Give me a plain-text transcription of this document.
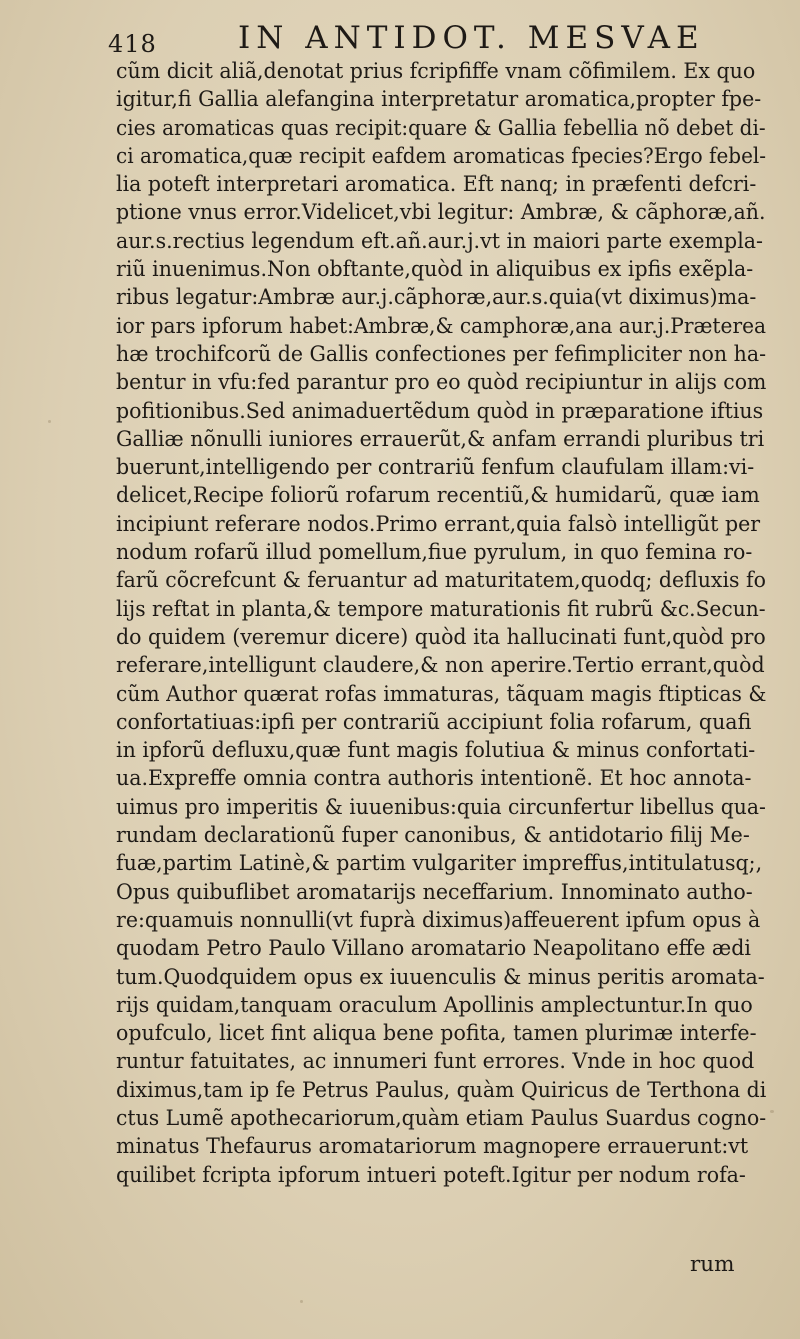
418	IN ANTIDOT. MESVAE
cũm dicit aliã,denotat prius fcripfiffe vnam cõfimilem. Ex quo
igitur,fi Gallia alefangina interpretatur aromatica,propter fpe-
cies aromaticas quas recipit:quare & Gallia febellia nõ debet di-
ci aromatica,quæ recipit eafdem aromaticas fpecies?Ergo febel-
lia poteft interpretari aromatica. Eft nanq; in præfenti defcri-
ptione vnus error.Videlicet,vbi legitur: Ambræ, & cãphoræ,añ.
aur.s.rectius legendum eft.añ.aur.j.vt in maiori parte exempla-
riũ inuenimus.Non obftante,quòd in aliquibus ex ipfis exẽpla-
ribus legatur:Ambræ aur.j.cãphoræ,aur.s.quia(vt diximus)ma-
ior pars ipforum habet:Ambræ,& camphoræ,ana aur.j.Præterea
hæ trochifcorũ de Gallis confectiones per fefimpliciter non ha-
bentur in vfu:fed parantur pro eo quòd recipiuntur in alijs com
pofitionibus.Sed animaduertẽdum quòd in præparatione iftius
Galliæ nõnulli iuniores errauerũt,& anfam errandi pluribus tri
buerunt,intelligendo per contrariũ fenfum claufulam illam:vi-
delicet,Recipe foliorũ rofarum recentiũ,& humidarũ, quæ iam
incipiunt referare nodos.Primo errant,quia falsò intelligũt per
nodum rofarũ illud pomellum,fiue pyrulum, in quo femina ro-
farũ cõcrefcunt & feruantur ad maturitatem,quodq; defluxis fo
lijs reftat in planta,& tempore maturationis fit rubrũ &c.Secun-
do quidem (veremur dicere) quòd ita hallucinati funt,quòd pro
referare,intelligunt claudere,& non aperire.Tertio errant,quòd
cũm Author quærat rofas immaturas, tãquam magis ftipticas &
confortatiuas:ipfi per contrariũ accipiunt folia rofarum, quafi
in ipforũ defluxu,quæ funt magis folutiua & minus confortati-
ua.Expreffe omnia contra authoris intentionẽ. Et hoc annota-
uimus pro imperitis & iuuenibus:quia circunfertur libellus qua-
rundam declarationũ fuper canonibus, & antidotario filij Me-
fuæ,partim Latinè,& partim vulgariter impreffus,intitulatusq;,
Opus quibuflibet aromatarijs neceffarium. Innominato autho-
re:quamuis nonnulli(vt fuprà diximus)affeuerent ipfum opus à
quodam Petro Paulo Villano aromatario Neapolitano effe ædi
tum.Quodquidem opus ex iuuenculis & minus peritis aromata-
rijs quidam,tanquam oraculum Apollinis amplectuntur.In quo
opufculo, licet fint aliqua bene pofita, tamen plurimæ interfe-
runtur fatuitates, ac innumeri funt errores. Vnde in hoc quod
diximus,tam ip fe Petrus Paulus, quàm Quiricus de Terthona di
ctus Lumẽ apothecariorum,quàm etiam Paulus Suardus cogno-
minatus Thefaurus aromatariorum magnopere errauerunt:vt
quilibet fcripta ipforum intueri poteft.Igitur per nodum rofa-
rum
